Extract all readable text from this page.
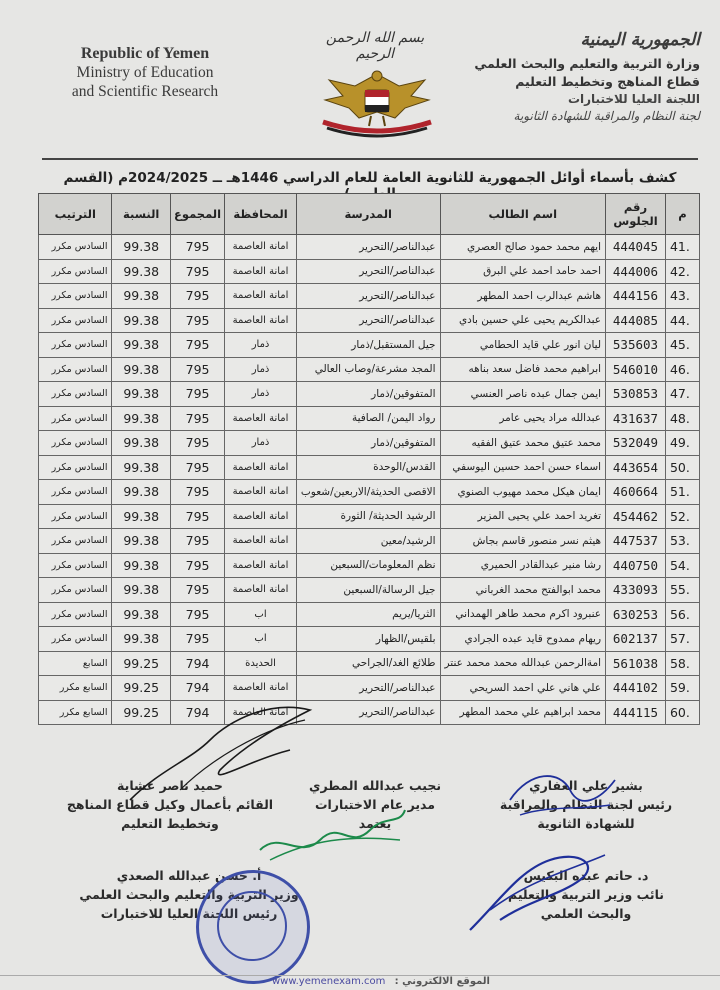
Republic of Yemen
Ministry of Education
and Scientific Research
بسم الله الرحمن الرحيم
الجمهورية اليمنية
وزارة التربية والتعليم والبحث العلمي
قطاع المناهج وتخطيط التعليم
اللجنة العليا للاختبارات
لجنة النظام والمراقبة للشهادة الثانوية
كشف بأسماء أوائل الجمهورية للثانوية العامة للعام الدراسي 1446هـ ــ 2024/2025م (القسم
م	رقم الجلوس	اسم الطالب	المدرسة	المحافظة	المجموع	النسبة	الترتيب
41.	444045	ايهم محمد حمود صالح العصري	عبدالناصر/التحرير	امانة العاصمة	795	99.38	السادس مكرر
42.	444006	احمد حامد احمد علي البرق	عبدالناصر/التحرير	امانة العاصمة	795	99.38	السادس مكرر
43.	444156	هاشم عبدالرب احمد المطهر	عبدالناصر/التحرير	امانة العاصمة	795	99.38	السادس مكرر
44.	444085	عبدالكريم يحيى علي حسين بادي	عبدالناصر/التحرير	امانة العاصمة	795	99.38	السادس مكرر
45.	535603	ليان انور علي قايد الحطامي	جيل المستقبل/ذمار	ذمار	795	99.38	السادس مكرر
46.	546010	ابراهيم محمد فاضل سعد بناهه	المجد مشرعة/وصاب العالي	ذمار	795	99.38	السادس مكرر
47.	530853	ايمن جمال عبده ناصر العنسي	المتفوقين/ذمار	ذمار	795	99.38	السادس مكرر
48.	431637	عبدالله مراد يحيى عامر	رواد اليمن/ الصافية	امانة العاصمة	795	99.38	السادس مكرر
49.	532049	محمد عتيق محمد عتيق الفقيه	المتفوقين/ذمار	ذمار	795	99.38	السادس مكرر
50.	443654	اسماء حسن احمد حسين اليوسفي	القدس/الوحدة	امانة العاصمة	795	99.38	السادس مكرر
51.	460664	ايمان هيكل محمد مهيوب الصنوي	الاقصى الحديثة/الاربعين/شعوب	امانة العاصمة	795	99.38	السادس مكرر
52.	454462	تغريد احمد علي يحيى المزير	الرشيد الحديثة/ الثورة	امانة العاصمة	795	99.38	السادس مكرر
53.	447537	هيثم نسر منصور قاسم بجاش	الرشيد/معين	امانة العاصمة	795	99.38	السادس مكرر
54.	440750	رشا منير عبدالقادر الحميري	نظم المعلومات/السبعين	امانة العاصمة	795	99.38	السادس مكرر
55.	433093	محمد ابوالفتح محمد الغرباني	جيل الرسالة/السبعين	امانة العاصمة	795	99.38	السادس مكرر
56.	630253	عنبرود اكرم محمد طاهر الهمداني	الثريا/يريم	اب	795	99.38	السادس مكرر
57.	602137	ريهام ممدوح قايد عبده الجرادي	بلقيس/الظهار	اب	795	99.38	السادس مكرر
58.	561038	امةالرحمن عبدالله محمد محمد عنتر	طلائع الغد/الجراحي	الحديدة	794	99.25	السابع
59.	444102	علي هاني علي احمد السريحي	عبدالناصر/التحرير	امانة العاصمة	794	99.25	السابع مكرر
60.	444115	محمد ابراهيم علي محمد المطهر	عبدالناصر/التحرير	امانة العاصمة	794	99.25	السابع مكرر
بشير علي الغفاري
رئيس لجنة النظام والمراقبة
للشهادة الثانوية
نجيب عبدالله المطري
مدير عام الاختبارات
يعتمد
حميد ناصر غشاية
القائم بأعمال وكيل قطاع المناهج
وتخطيط التعليم
د. حاتم عبده البكيس
نائب وزير التربية والتعليم
والبحث العلمي
أ. حسن عبدالله الصعدي
وزير التربية والتعليم والبحث العلمي
رئيس اللجنة العليا للاختبارات
www.yemenexam.com الموقع الالكتروني :
